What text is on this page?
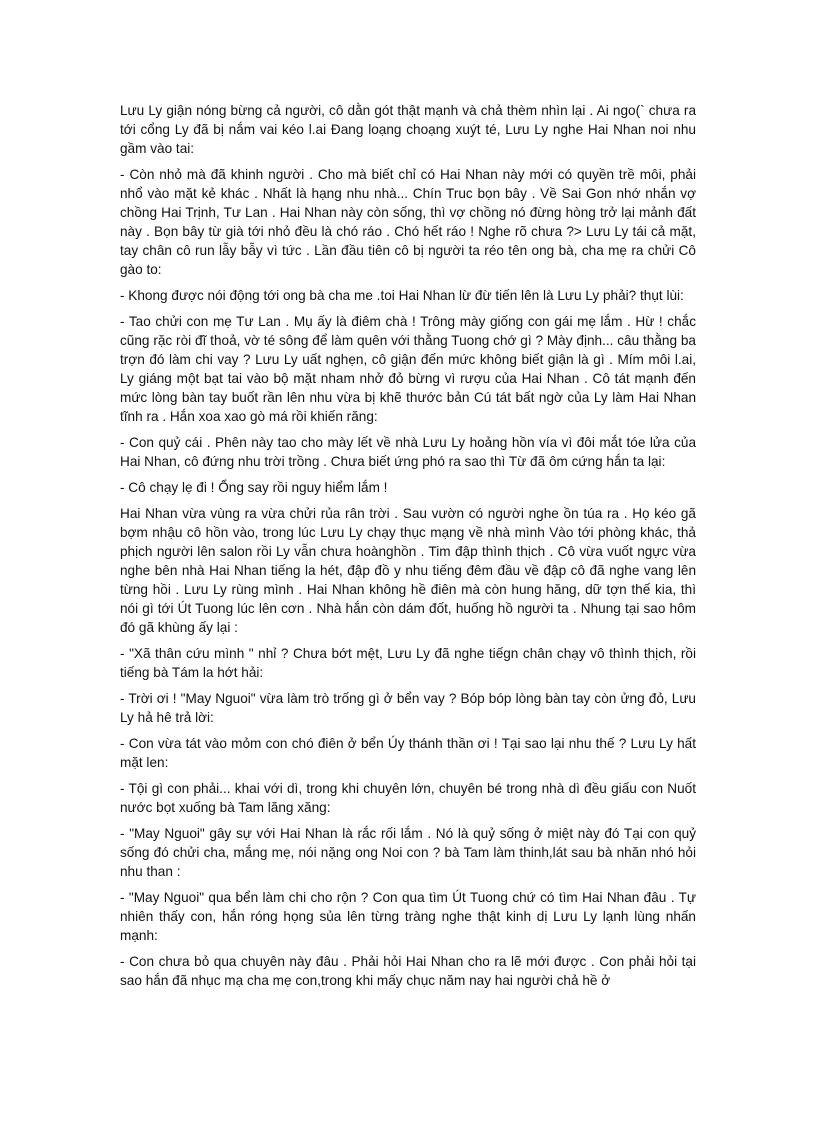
Lưu Ly giận nóng bừng cả người, cô dằn gót thật mạnh và chả thèm nhìn lại . Ai ngo(` chưa ra tới cổng Ly đã bị nắm vai kéo l.ai Đang loạng choạng xuýt té, Lưu Ly nghe Hai Nhan noi nhu gầm vào tai:

- Còn nhỏ mà đã khinh người . Cho mà biết chỉ có Hai Nhan này mới có quyền trề môi, phải nhổ vào mặt kẻ khác . Nhất là hạng nhu nhà... Chín Truc bọn bây . Về Sai Gon nhớ nhắn vợ chồng Hai Trịnh, Tư Lan . Hai Nhan này còn sống, thì vợ chồng nó đừng hòng trở lại mảnh đất này . Bọn bây từ già tới nhỏ đều là chó ráo . Chó hết ráo ! Nghe rõ chưa ?> Lưu Ly tái cả mặt, tay chân cô run lẫy bẫy vì tức . Lần đầu tiên cô bị người ta réo tên ong bà, cha mẹ ra chửi Cô gào to:

- Khong được nói động tới ong bà cha me .toi Hai Nhan lừ đừ tiến lên là Lưu Ly phải? thụt lùi:

- Tao chửi con mẹ Tư Lan . Mụ ấy là điêm chà ! Trông mày giống con gái mẹ lắm . Hừ ! chắc cũng rặc ròi đĩ thoả, vờ té sông để làm quên với thằng Tuong chớ gì ? Mày định... câu thằng ba trợn đó làm chi vay ? Lưu Ly uất nghẹn, cô giận đến mức không biết giận là gì . Mím môi l.ai, Ly giáng một bạt tai vào bộ mặt nham nhở đỏ bừng vì rượu của Hai Nhan . Cô tát mạnh đến mức lòng bàn tay buốt rần lên nhu vừa bị khẽ thước bản Cú tát bất ngờ của Ly làm Hai Nhan tĩnh ra . Hắn xoa xao gò má rồi khiến răng:

- Con quỷ cái . Phên này tao cho mày lết về nhà Lưu Ly hoảng hồn vía vì đôi mắt tóe lửa của Hai Nhan, cô đứng nhu trời trồng . Chưa biết ứng phó ra sao thì Từ đã ôm cứng hắn ta lại:

- Cô chạy lẹ đi ! Ổng say rồi nguy hiểm lắm !

Hai Nhan vừa vùng ra vừa chửi rủa rân trời . Sau vườn có người nghe ồn túa ra . Họ kéo gã bợm nhậu cô hồn vào, trong lúc Lưu Ly chạy thục mạng về nhà mình Vào tới phòng khác, thả phịch người lên salon rồi Ly vẫn chưa hoànghồn . Tim đập thình thịch . Cô vừa vuốt ngực vừa nghe bên nhà Hai Nhan tiếng la hét, đập đồ y nhu tiếng đêm đầu về đập cô đã nghe vang lên từng hồi . Lưu Ly rùng mình . Hai Nhan không hề điên mà còn hung hăng, dữ tợn thế kia, thì nói gì tới Út Tuong lúc lên cơn . Nhà hắn còn dám đốt, huống hồ người ta . Nhung tại sao hôm đó gã khùng ấy lại :

- "Xã thân cứu mình " nhỉ ? Chưa bớt mệt, Lưu Ly đã nghe tiếgn chân chạy vô thình thịch, rồi tiếng bà Tám la hớt hải:

- Trời ơi ! "May Nguoi" vừa làm trò trống gì ở bển vay ? Bóp bóp lòng bàn tay còn ửng đỏ, Lưu Ly hả hê trả lời:

- Con vừa tát vào mỏm con chó điên ở bển Úy thánh thần ơi ! Tại sao lại nhu thế ? Lưu Ly hất mặt len:

- Tội gì con phải... khai với dì, trong khi chuyên lớn, chuyên bé trong nhà dì đều giấu con Nuốt nước bọt xuống bà Tam lăng xăng:

- "May Nguoi" gây sự với Hai Nhan là rắc rối lắm . Nó là quỷ sống ở miệt này đó Tại con quỷ sống đó chửi cha, mắng mẹ, nói nặng ong Noi con ? bà Tam làm thinh,lát sau bà nhăn nhó hỏi nhu than :

- "May Nguoi" qua bển làm chi cho rộn ? Con qua tìm Út Tuong chứ có tìm Hai Nhan đâu . Tự nhiên thấy con, hắn róng họng sủa lên từng tràng nghe thật kinh dị Lưu Ly lạnh lùng nhấn mạnh:

- Con chưa bỏ qua chuyên này đâu . Phải hỏi Hai Nhan cho ra lẽ mới được . Con phải hỏi tại sao hắn đã nhục mạ cha mẹ con,trong khi mấy chục năm nay hai người chả hề ở
